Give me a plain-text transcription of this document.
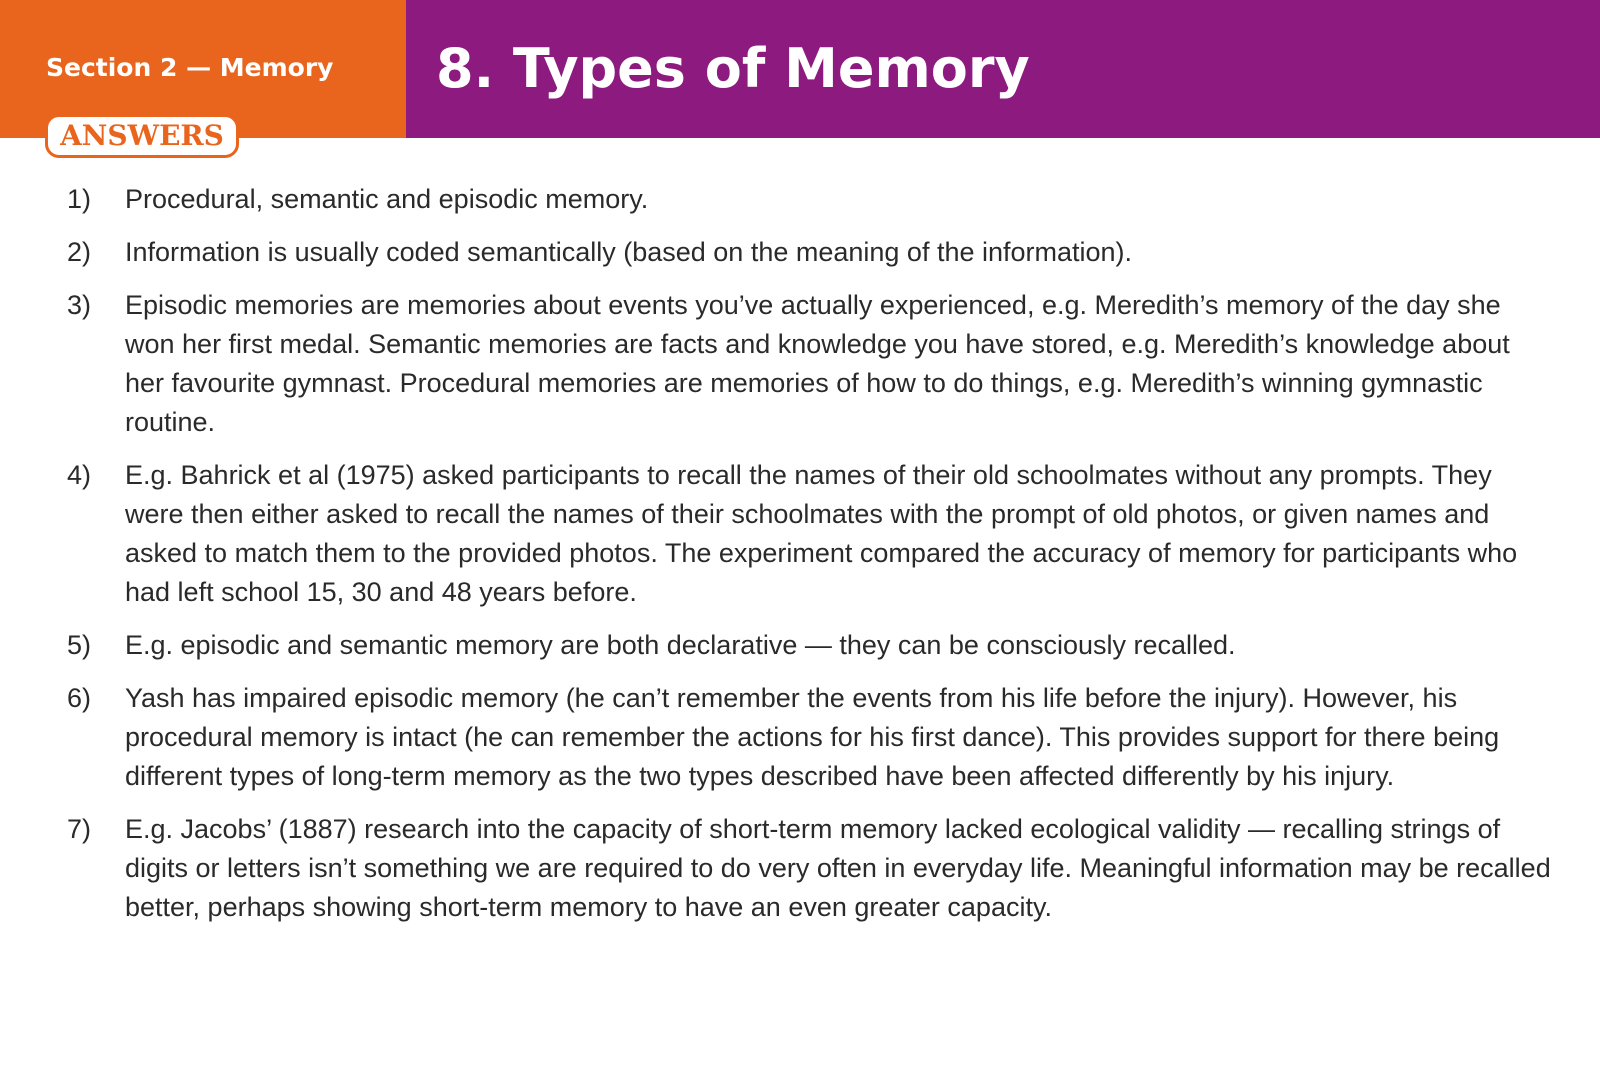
Section 2 — Memory 8. Types of Memory
ANSWERS
1)	Procedural, semantic and episodic memory.
2)	Information is usually coded semantically (based on the meaning of the information).
3)	Episodic memories are memories about events you’ve actually experienced, e.g. Meredith’s memory of the day she won her first medal. Semantic memories are facts and knowledge you have stored, e.g. Meredith’s knowledge about her favourite gymnast. Procedural memories are memories of how to do things, e.g. Meredith’s winning gymnastic routine.
4)	E.g. Bahrick et al (1975) asked participants to recall the names of their old schoolmates without any prompts. They were then either asked to recall the names of their schoolmates with the prompt of old photos, or given names and asked to match them to the provided photos. The experiment compared the accuracy of memory for participants who had left school 15, 30 and 48 years before.
5)	E.g. episodic and semantic memory are both declarative — they can be consciously recalled.
6)	Yash has impaired episodic memory (he can’t remember the events from his life before the injury). However, his procedural memory is intact (he can remember the actions for his first dance). This provides support for there being different types of long-term memory as the two types described have been affected differently by his injury.
7)	E.g. Jacobs’ (1887) research into the capacity of short-term memory lacked ecological validity — recalling strings of digits or letters isn’t something we are required to do very often in everyday life. Meaningful information may be recalled better, perhaps showing short-term memory to have an even greater capacity.
